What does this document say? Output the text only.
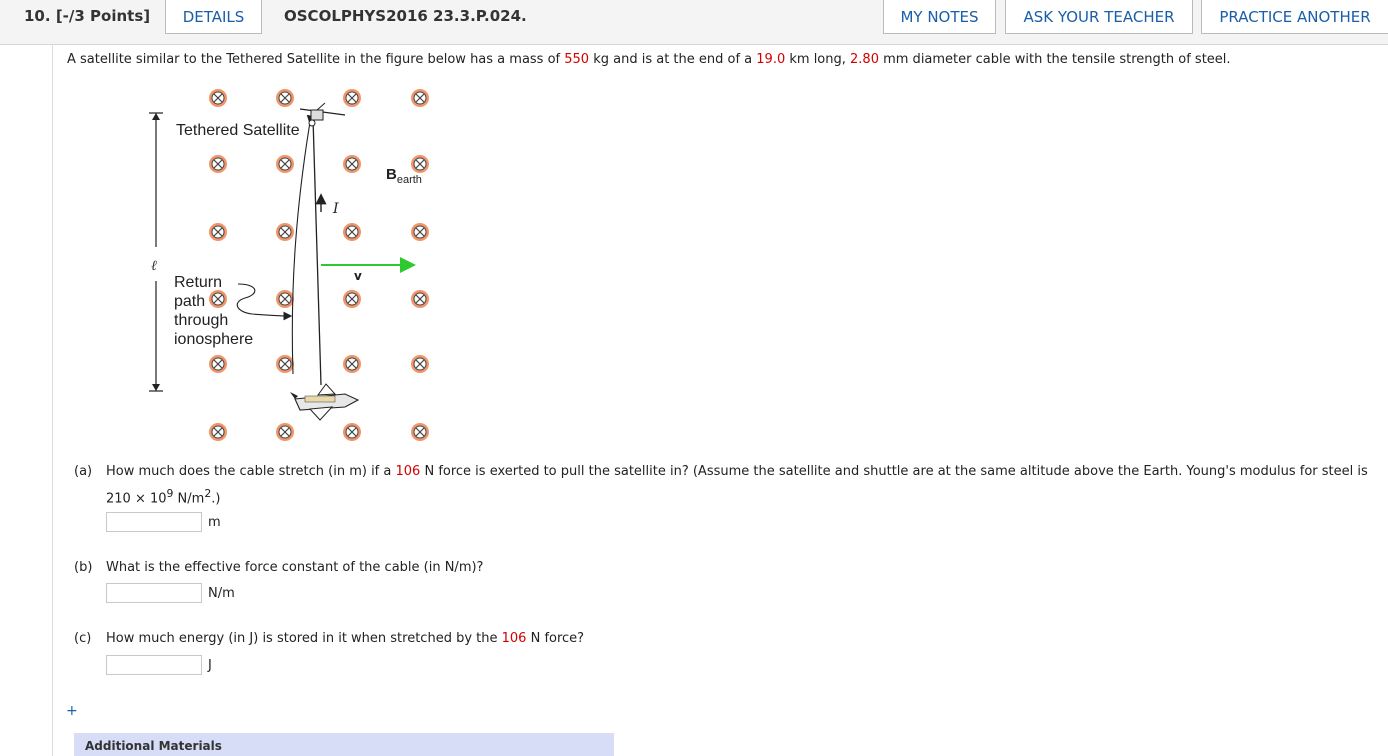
10. [-/3 Points] DETAILS	OSCOLPHYS2016 23.3.P.024.	MY NOTES	ASK YOUR TEACHER	PRACTICE ANOTHER
A satellite similar to the Tethered Satellite in the figure below has a mass of 550 kg and is at the end of a 19.0 km long, 2.80 mm diameter cable with the tensile strength of steel.
ℓ
I
v
Tethered Satellite
$B_{earth}$
Return
path
through
ionosphere
(a) How much does the cable stretch (in m) if a 106 N force is exerted to pull the satellite in? (Assume the satellite and shuttle are at the same altitude above the Earth. Young's modulus for steel is
$210 \times 10^9$ $N/m^2$.)
m
(b) What is the effective force constant of the cable (in N/m)?
N/m
(c) How much energy (in J) is stored in it when stretched by the 106 N force?
J
+
Additional Materials
